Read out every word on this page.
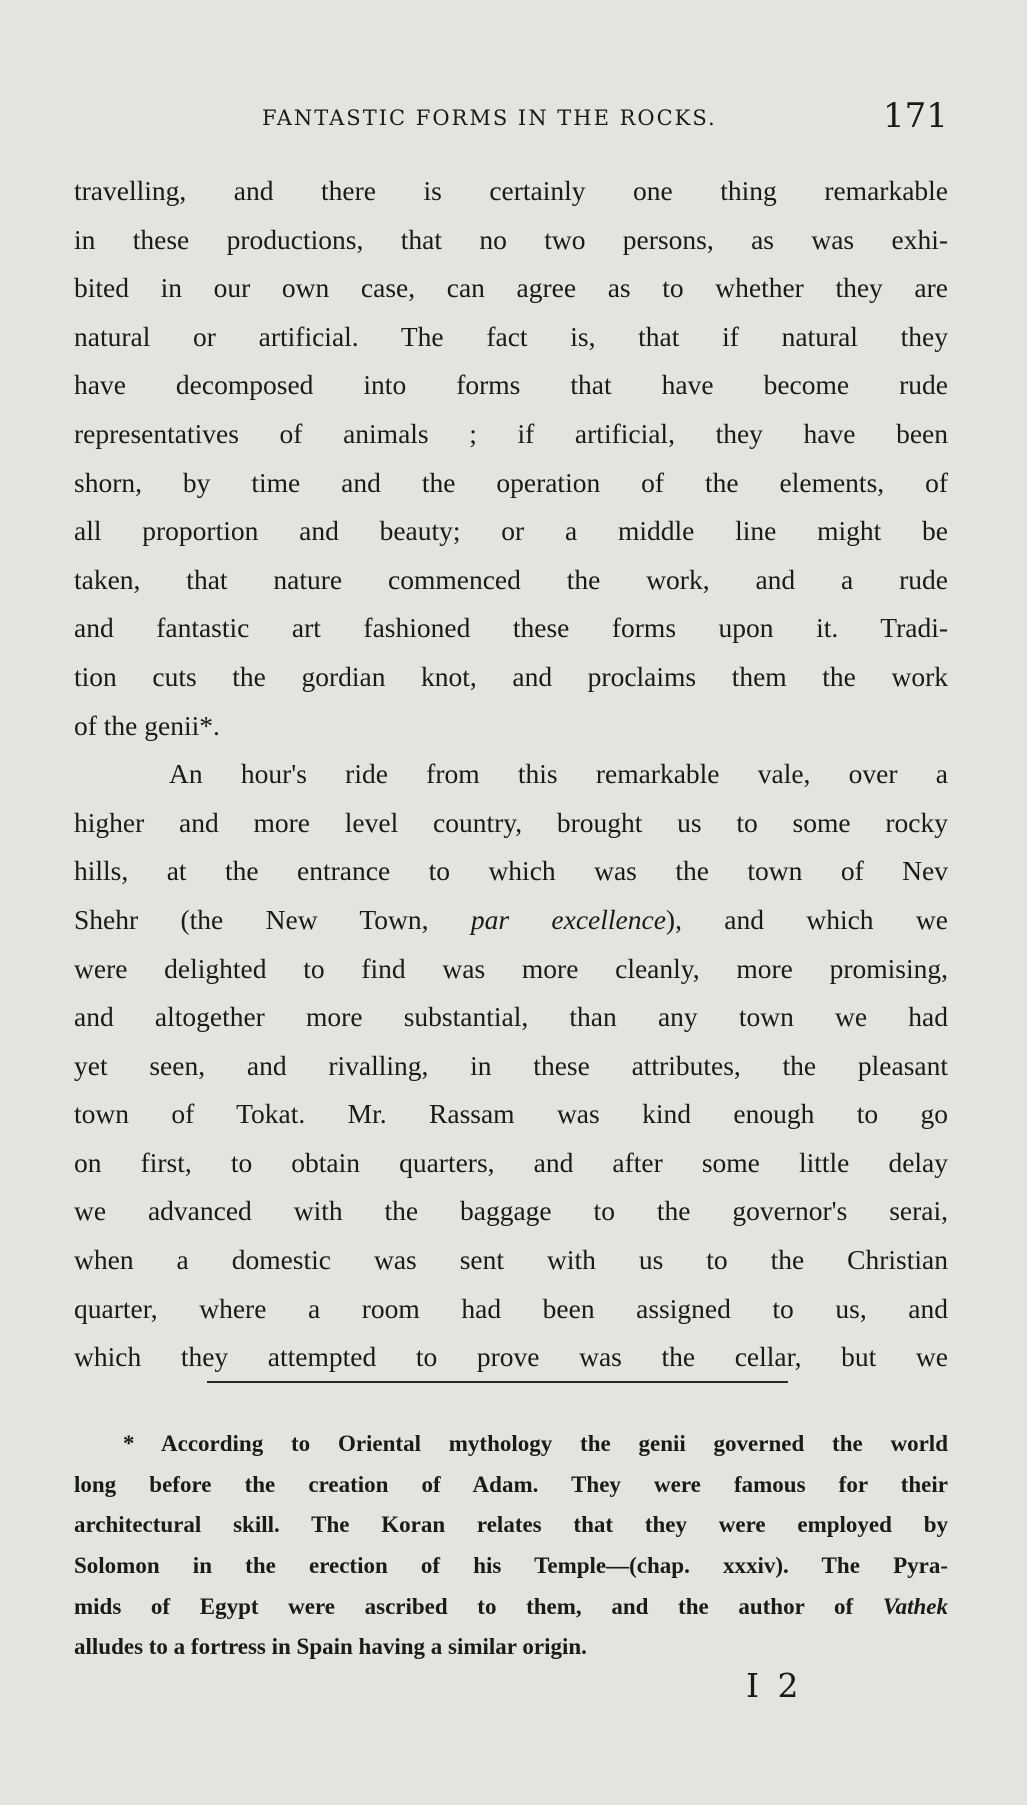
FANTASTIC FORMS IN THE ROCKS.	171
travelling, and there is certainly one thing remarkable
in these productions, that no two persons, as was exhi-
bited in our own case, can agree as to whether they are
natural or artificial. The fact is, that if natural they
have decomposed into forms that have become rude
representatives of animals ; if artificial, they have been
shorn, by time and the operation of the elements, of
all proportion and beauty; or a middle line might be
taken, that nature commenced the work, and a rude
and fantastic art fashioned these forms upon it. Tradi-
tion cuts the gordian knot, and proclaims them the work
of the genii*.
An hour's ride from this remarkable vale, over a
higher and more level country, brought us to some rocky
hills, at the entrance to which was the town of Nev
Shehr (the New Town, par excellence), and which we
were delighted to find was more cleanly, more promising,
and altogether more substantial, than any town we had
yet seen, and rivalling, in these attributes, the pleasant
town of Tokat. Mr. Rassam was kind enough to go
on first, to obtain quarters, and after some little delay
we advanced with the baggage to the governor's serai,
when a domestic was sent with us to the Christian
quarter, where a room had been assigned to us, and
which they attempted to prove was the cellar, but we
* According to Oriental mythology the genii governed the world
long before the creation of Adam. They were famous for their
architectural skill. The Koran relates that they were employed by
Solomon in the erection of his Temple—(chap. xxxiv). The Pyra-
mids of Egypt were ascribed to them, and the author of Vathek
alludes to a fortress in Spain having a similar origin.
I 2
